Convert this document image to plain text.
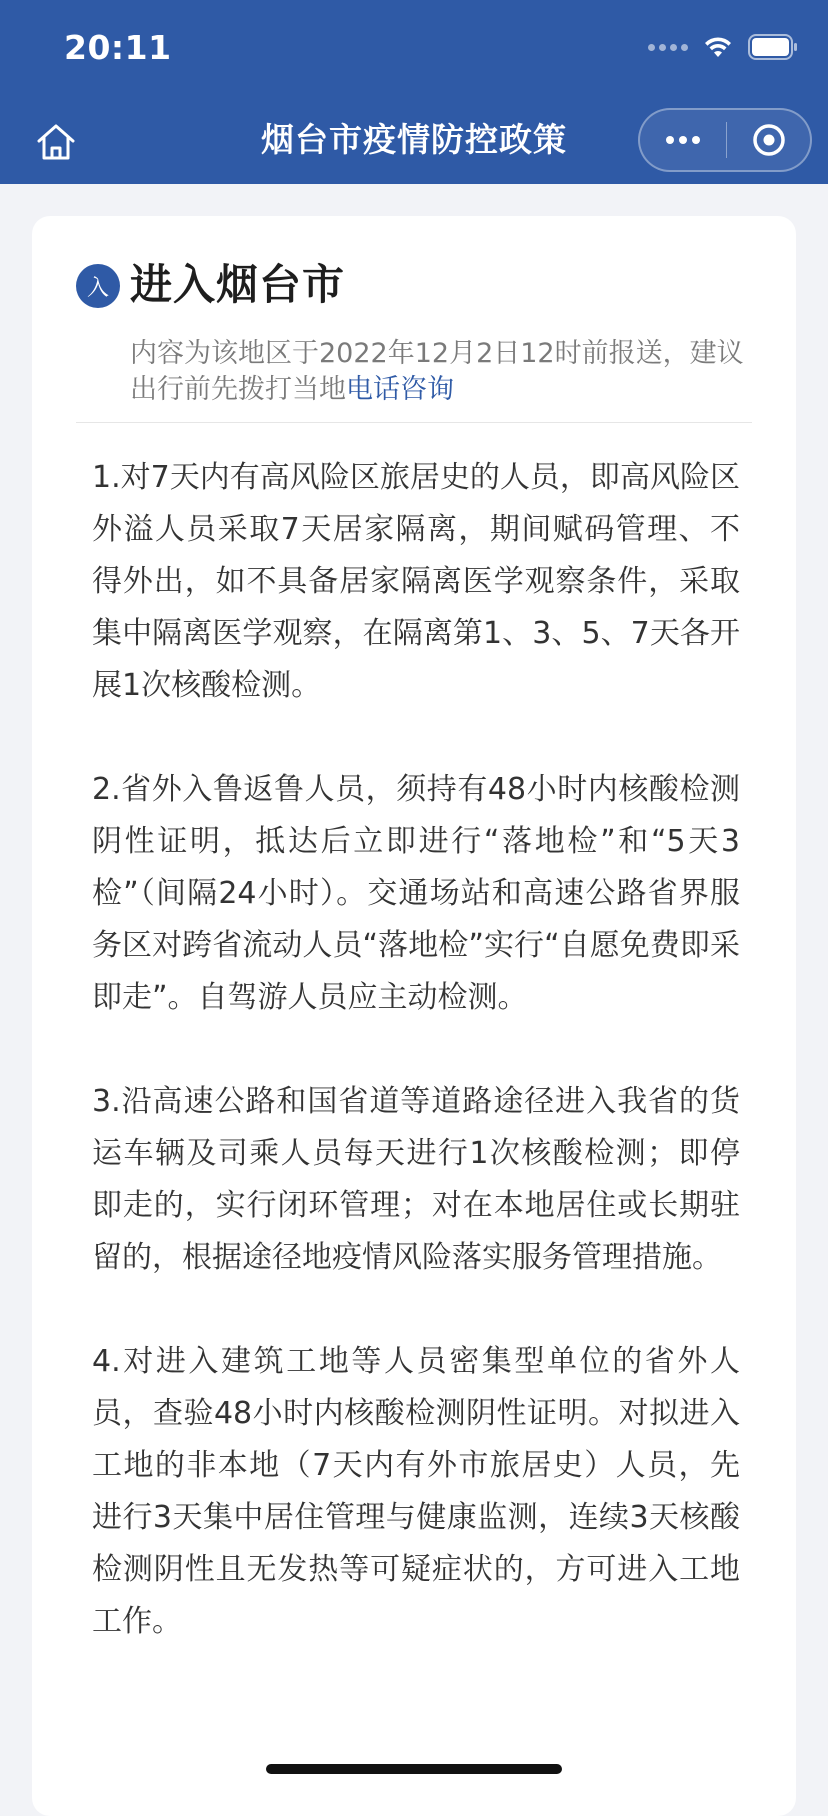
20:11
烟台市疫情防控政策
入 进入烟台市
内容为该地区于2022年12月2日12时前报送，建议出行前先拨打当地电话咨询

1.对7天内有高风险区旅居史的人员，即高风险区外溢人员采取7天居家隔离，期间赋码管理、不得外出，如不具备居家隔离医学观察条件，采取集中隔离医学观察，在隔离第1、3、5、7天各开展1次核酸检测。

2.省外入鲁返鲁人员，须持有48小时内核酸检测阴性证明，抵达后立即进行“落地检”和“5天3检”（间隔24小时）。交通场站和高速公路省界服务区对跨省流动人员“落地检”实行“自愿免费即采即走”。自驾游人员应主动检测。

3.沿高速公路和国省道等道路途径进入我省的货运车辆及司乘人员每天进行1次核酸检测；即停即走的，实行闭环管理；对在本地居住或长期驻留的，根据途径地疫情风险落实服务管理措施。

4.对进入建筑工地等人员密集型单位的省外人员，查验48小时内核酸检测阴性证明。对拟进入工地的非本地（7天内有外市旅居史）人员，先进行3天集中居住管理与健康监测，连续3天核酸检测阴性且无发热等可疑症状的，方可进入工地工作。
